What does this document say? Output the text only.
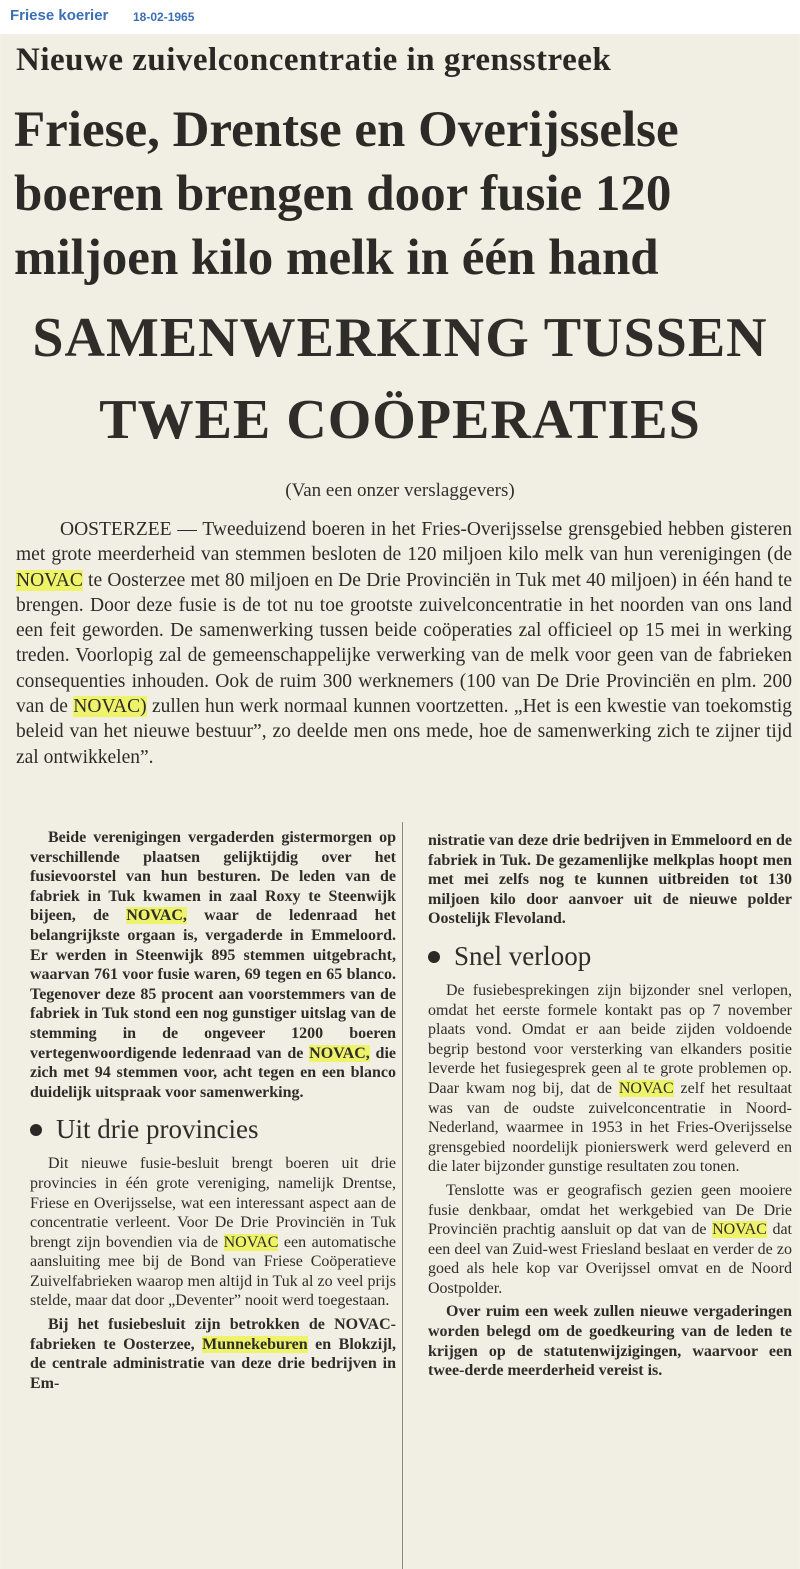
Friese koerier 18-02-1965
Nieuwe zuivelconcentratie in grensstreek
Friese, Drentse en Overijsselse
boeren brengen door fusie 120
miljoen kilo melk in één hand
SAMENWERKING TUSSEN
TWEE COÖPERATIES
(Van een onzer verslaggevers)

OOSTERZEE — Tweeduizend boeren in het Fries-Overijsselse grensgebied hebben gisteren met grote meerderheid van stemmen besloten de 120 miljoen kilo melk van hun verenigingen (de NOVAC te Oosterzee met 80 miljoen en De Drie Provinciën in Tuk met 40 miljoen) in één hand te brengen. Door deze fusie is de tot nu toe grootste zuivelconcentratie in het noorden van ons land een feit geworden. De samenwerking tussen beide coöperaties zal officieel op 15 mei in werking treden. Voorlopig zal de gemeenschappelijke verwerking van de melk voor geen van de fabrieken consequenties inhouden. Ook de ruim 300 werknemers (100 van De Drie Provinciën en plm. 200 van de NOVAC) zullen hun werk normaal kunnen voortzetten. „Het is een kwestie van toekomstig beleid van het nieuwe bestuur”, zo deelde men ons mede, hoe de samenwerking zich te zijner tijd zal ontwikkelen”.

Beide verenigingen vergaderden gistermorgen op verschillende plaatsen gelijktijdig over het fusievoorstel van hun besturen. De leden van de fabriek in Tuk kwamen in zaal Roxy te Steenwijk bijeen, de NOVAC, waar de ledenraad het belangrijkste orgaan is, vergaderde in Emmeloord. Er werden in Steenwijk 895 stemmen uitgebracht, waarvan 761 voor fusie waren, 69 tegen en 65 blanco. Tegenover deze 85 procent aan voorstemmers van de fabriek in Tuk stond een nog gunstiger uitslag van de stemming in de ongeveer 1200 boeren vertegenwoordigende ledenraad van de NOVAC, die zich met 94 stemmen voor, acht tegen en een blanco duidelijk uitspraak voor samenwerking.

Uit drie provincies

Dit nieuwe fusie-besluit brengt boeren uit drie provincies in één grote vereniging, namelijk Drentse, Friese en Overijsselse, wat een interessant aspect aan de concentratie verleent. Voor De Drie Provinciën in Tuk brengt zijn bovendien via de NOVAC een automatische aansluiting mee bij de Bond van Friese Coöperatieve Zuivelfabrieken waarop men altijd in Tuk al zo veel prijs stelde, maar dat door „Deventer” nooit werd toegestaan.

Bij het fusiebesluit zijn betrokken de NOVAC-fabrieken te Oosterzee, Munnekeburen en Blokzijl, de centrale administratie van deze drie bedrijven in Em-

nistratie van deze drie bedrijven in Emmeloord en de fabriek in Tuk. De gezamenlijke melkplas hoopt men met mei zelfs nog te kunnen uitbreiden tot 130 miljoen kilo door aanvoer uit de nieuwe polder Oostelijk Flevoland.

Snel verloop

De fusiebesprekingen zijn bijzonder snel verlopen, omdat het eerste formele kontakt pas op 7 november plaats vond. Omdat er aan beide zijden voldoende begrip bestond voor versterking van elkanders positie leverde het fusiegesprek geen al te grote problemen op. Daar kwam nog bij, dat de NOVAC zelf het resultaat was van de oudste zuivelconcentratie in Noord-Nederland, waarmee in 1953 in het Fries-Overijsselse grensgebied noordelijk pionierswerk werd geleverd en die later bijzonder gunstige resultaten zou tonen.

Tenslotte was er geografisch gezien geen mooiere fusie denkbaar, omdat het werkgebied van De Drie Provinciën prachtig aansluit op dat van de NOVAC dat een deel van Zuid-west Friesland beslaat en verder de zo goed als hele kop var Overijssel omvat en de Noord Oostpolder.

Over ruim een week zullen nieuwe vergaderingen worden belegd om de goedkeuring van de leden te krijgen op de statutenwijzigingen, waarvoor een twee-derde meerderheid vereist is.
